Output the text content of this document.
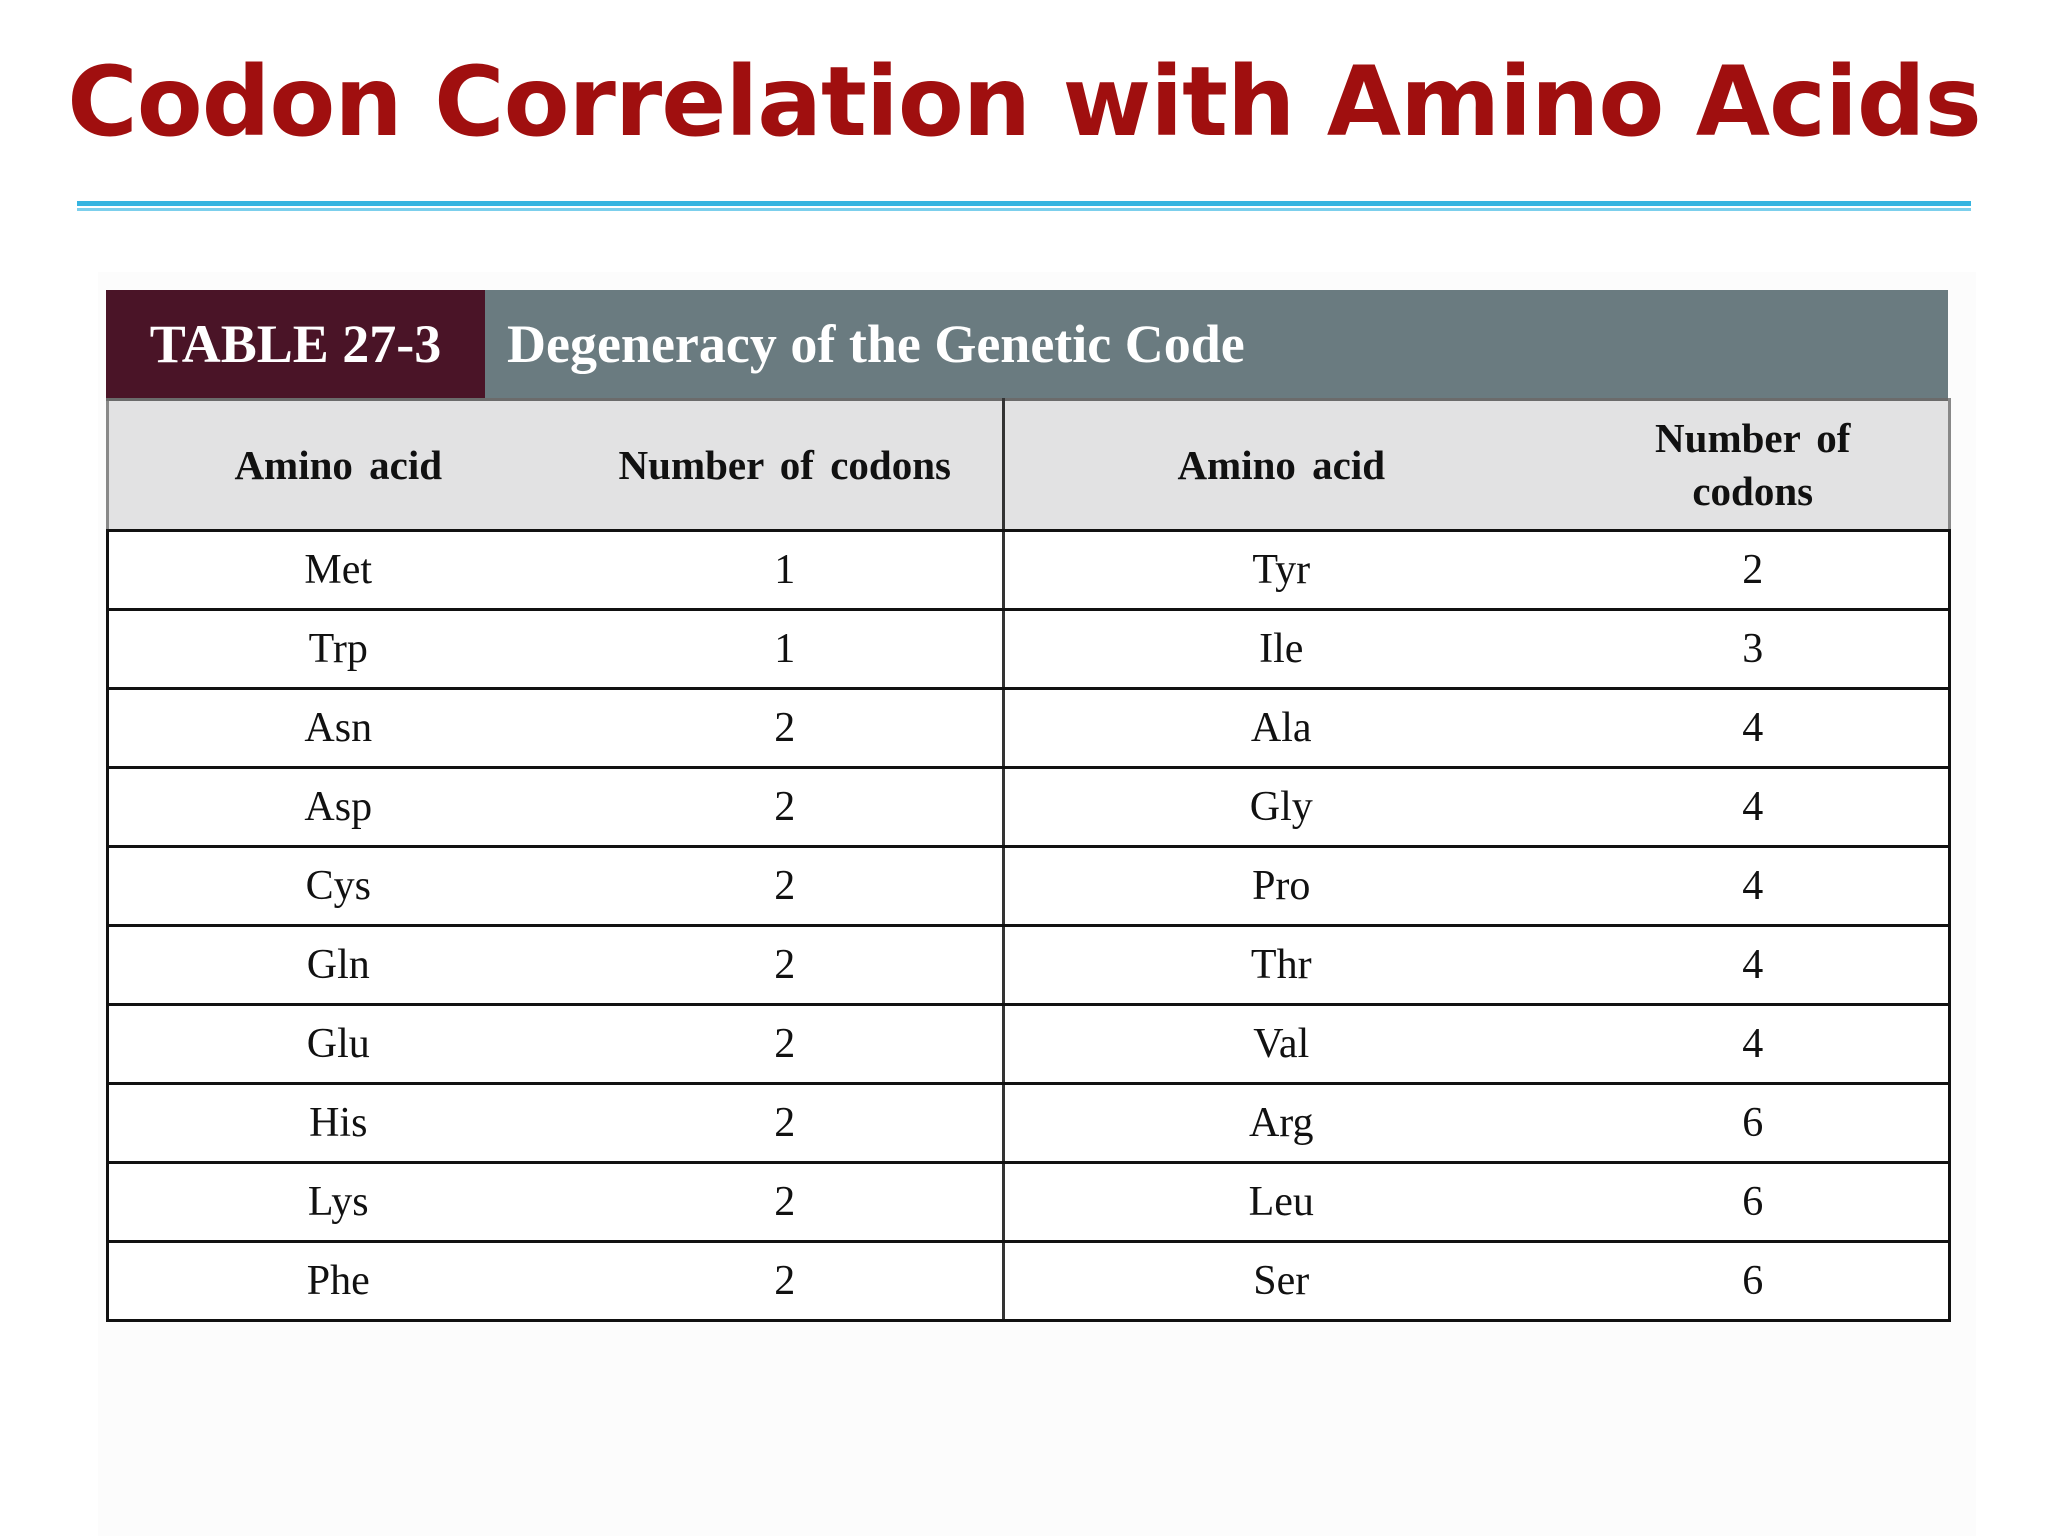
Codon Correlation with Amino Acids
TABLE 27-3	Degeneracy of the Genetic Code
Amino acid	Number of codons	Amino acid	Number of codons
Met	1	Tyr	2
Trp	1	Ile	3
Asn	2	Ala	4
Asp	2	Gly	4
Cys	2	Pro	4
Gln	2	Thr	4
Glu	2	Val	4
His	2	Arg	6
Lys	2	Leu	6
Phe	2	Ser	6
